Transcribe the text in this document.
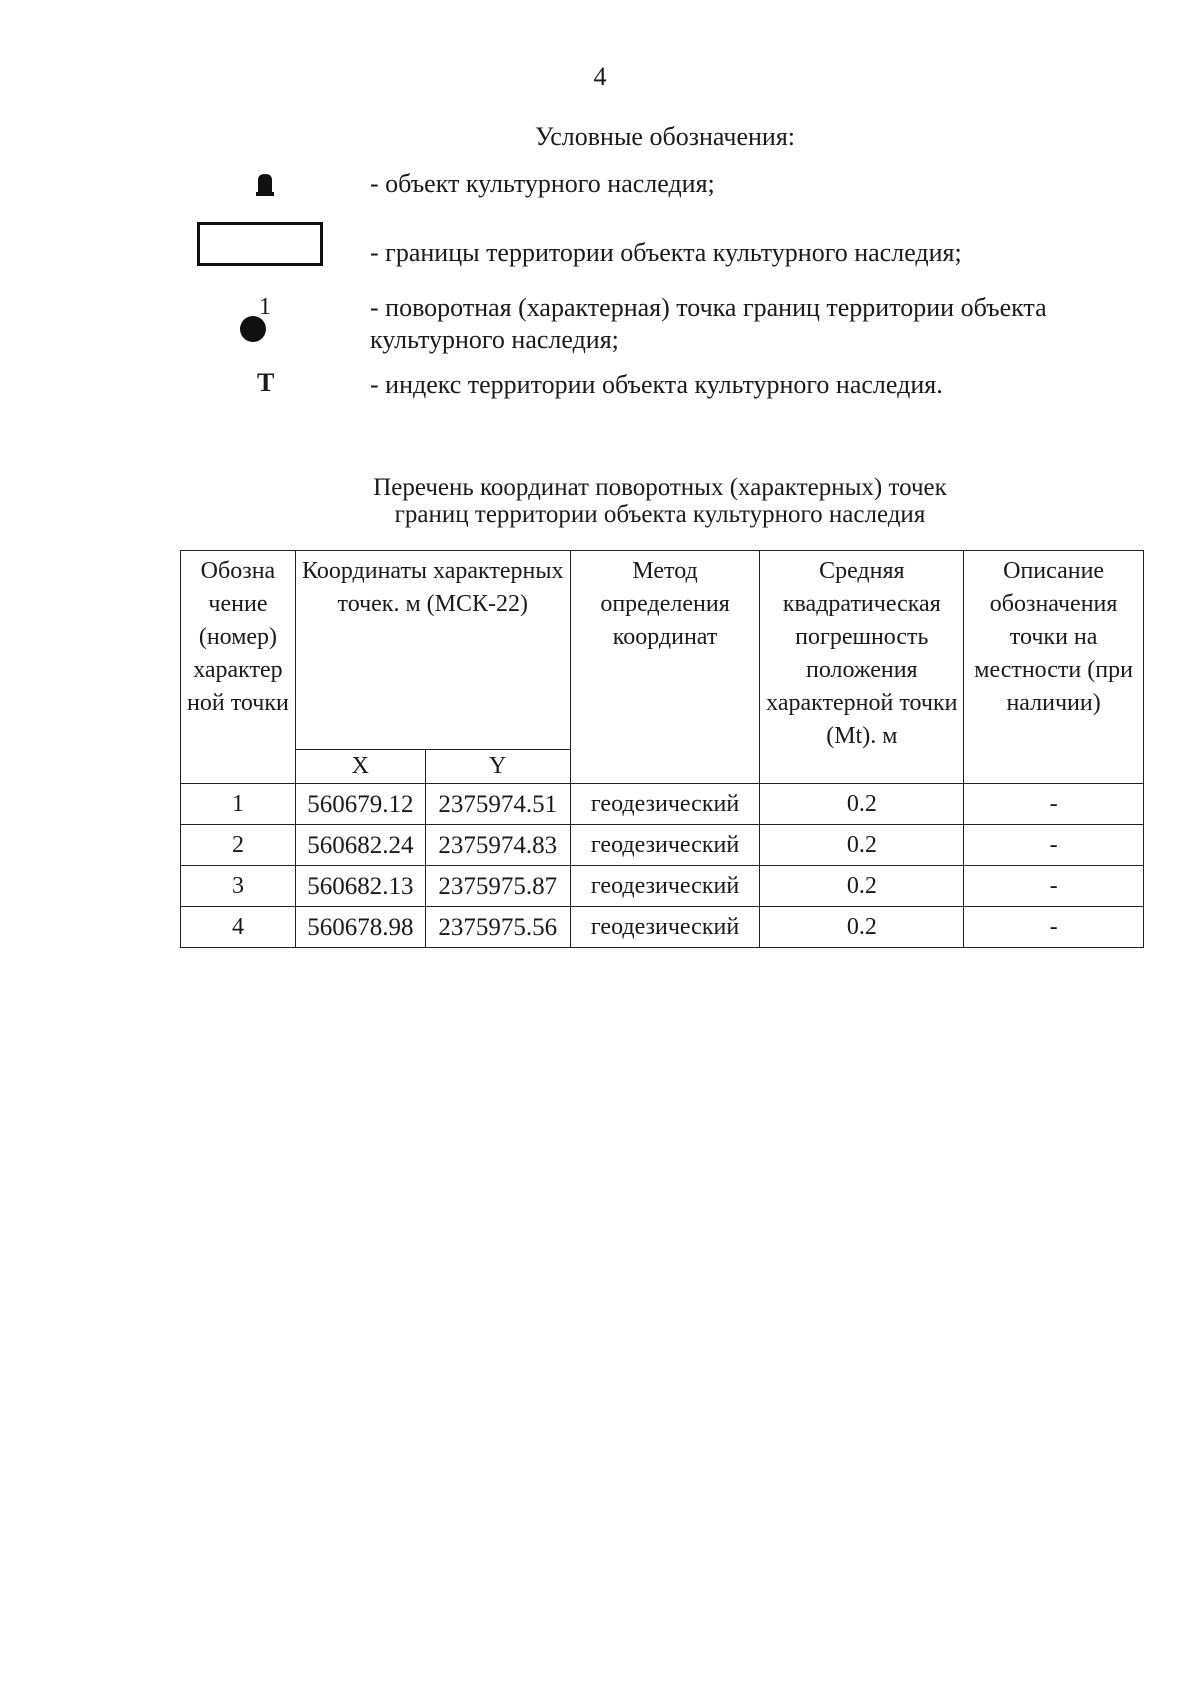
4
Условные обозначения:
- объект культурного наследия;
- границы территории объекта культурного наследия;
1	- поворотная (характерная) точка границ территории объекта культурного наследия;
Т	- индекс территории объекта культурного наследия.
Перечень координат поворотных (характерных) точек
границ территории объекта культурного наследия
Обозна чение (номер) характер ной точки	Координаты характерных точек. м (МСК-22)		Метод определения координат	Средняя квадратическая погрешность положения характерной точки (Mt). м	Описание обозначения точки на местности (при наличии)
	X	Y			
1	560679.12	2375974.51	геодезический	0.2	-
2	560682.24	2375974.83	геодезический	0.2	-
3	560682.13	2375975.87	геодезический	0.2	-
4	560678.98	2375975.56	геодезический	0.2	-
